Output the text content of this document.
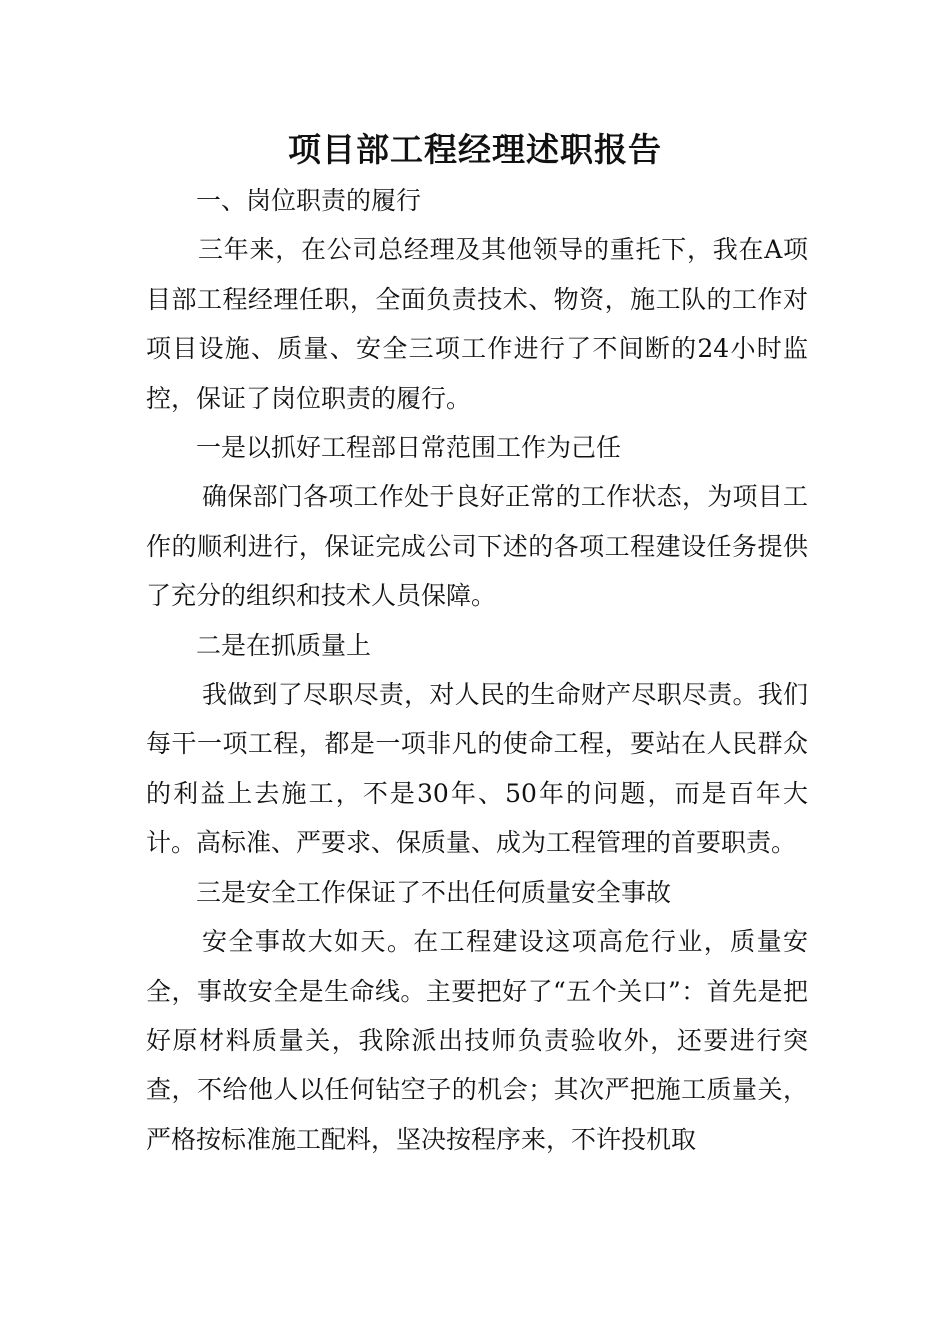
项目部工程经理述职报告

一、岗位职责的履行

三年来，在公司总经理及其他领导的重托下，我在A项目部工程经理任职，全面负责技术、物资，施工队的工作对项目设施、质量、安全三项工作进行了不间断的24小时监控，保证了岗位职责的履行。

一是以抓好工程部日常范围工作为己任

确保部门各项工作处于良好正常的工作状态，为项目工作的顺利进行，保证完成公司下述的各项工程建设任务提供了充分的组织和技术人员保障。

二是在抓质量上

我做到了尽职尽责，对人民的生命财产尽职尽责。我们每干一项工程，都是一项非凡的使命工程，要站在人民群众的利益上去施工，不是30年、50年的问题，而是百年大计。高标准、严要求、保质量、成为工程管理的首要职责。

三是安全工作保证了不出任何质量安全事故

安全事故大如天。在工程建设这项高危行业，质量安全，事故安全是生命线。主要把好了“五个关口”：首先是把好原材料质量关，我除派出技师负责验收外，还要进行突查，不给他人以任何钻空子的机会；其次严把施工质量关，严格按标准施工配料，坚决按程序来，不许投机取
